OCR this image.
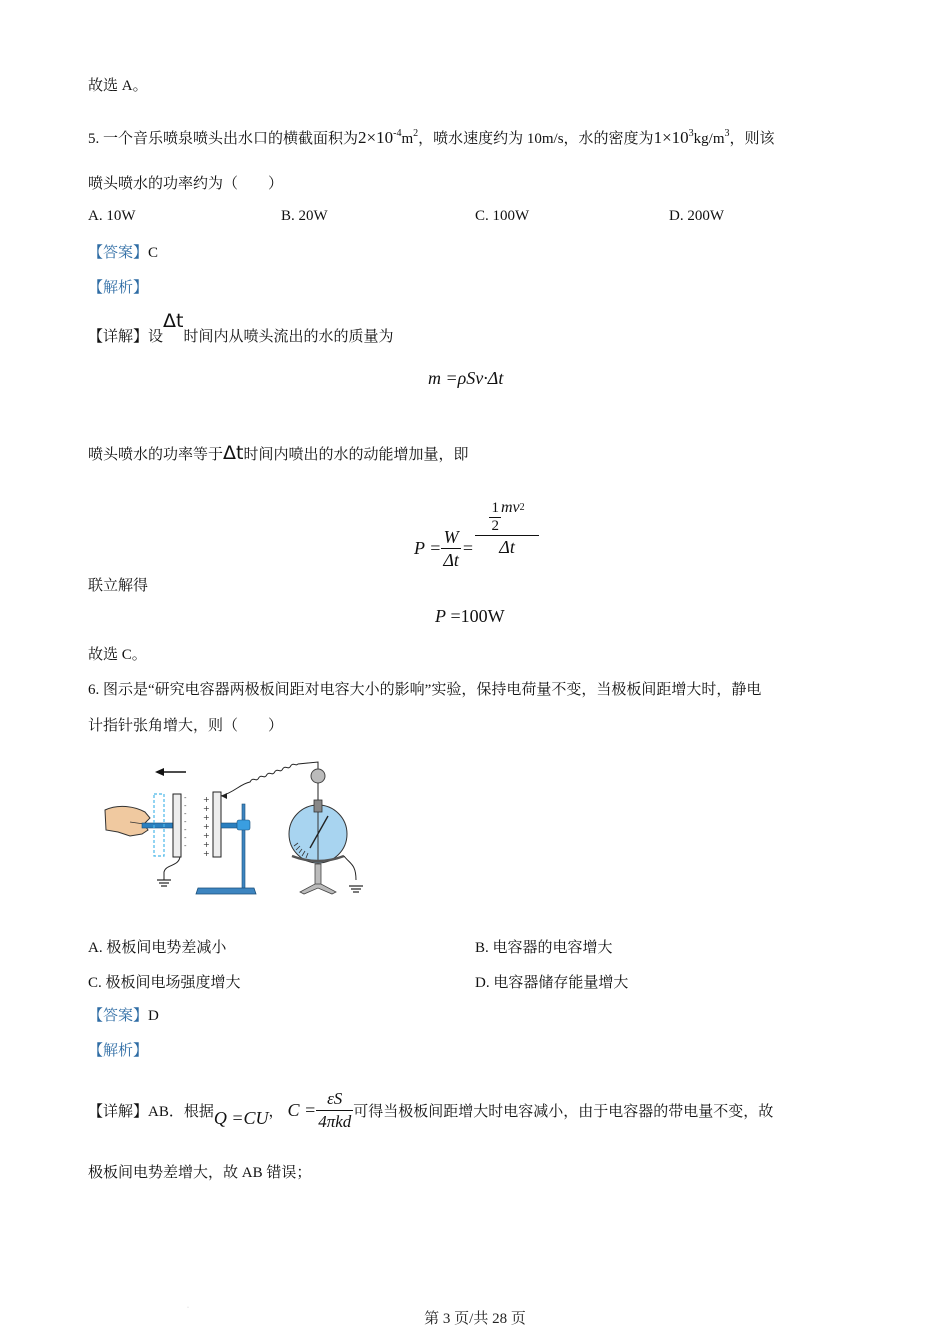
故选 A。
5. 一个音乐喷泉喷头出水口的横截面积为$2\times 10^{-4}m^2$，喷水速度约为 10m/s，水的密度为$1\times 10^3kg/m^3$，则该
喷头喷水的功率约为（　　）
A. 10W	B. 20W	C. 100W	D. 200W
【答案】C
【解析】
【详解】设Δt时间内从喷头流出的水的质量为
m =ρSv·Δt
喷头喷水的功率等于Δt时间内喷出的水的动能增加量，即
$P = \frac{W}{\Delta t} = \frac{\frac{1}{2} mv 2}{\Delta t}$
联立解得
P =100W
故选 C。
6. 图示是“研究电容器两极板间距对电容大小的影响”实验，保持电荷量不变，当极板间距增大时，静电
计指针张角增大，则（　　）
-
-
-
-
-
-
-
+
+
+
+
+
+
+
A. 极板间电势差减小	B. 电容器的电容增大
C. 极板间电场强度增大	D. 电容器储存能量增大
【答案】D
【解析】
【详解】 AB．根据 Q =CU ， $C = \frac{\varepsilon S}{\text{4πkd}}$ 可得当极板间距增大时电容减小，由于电容器的带电量不变，故
极板间电势差增大，故 AB 错误；
·
第 3 页/共 28 页
